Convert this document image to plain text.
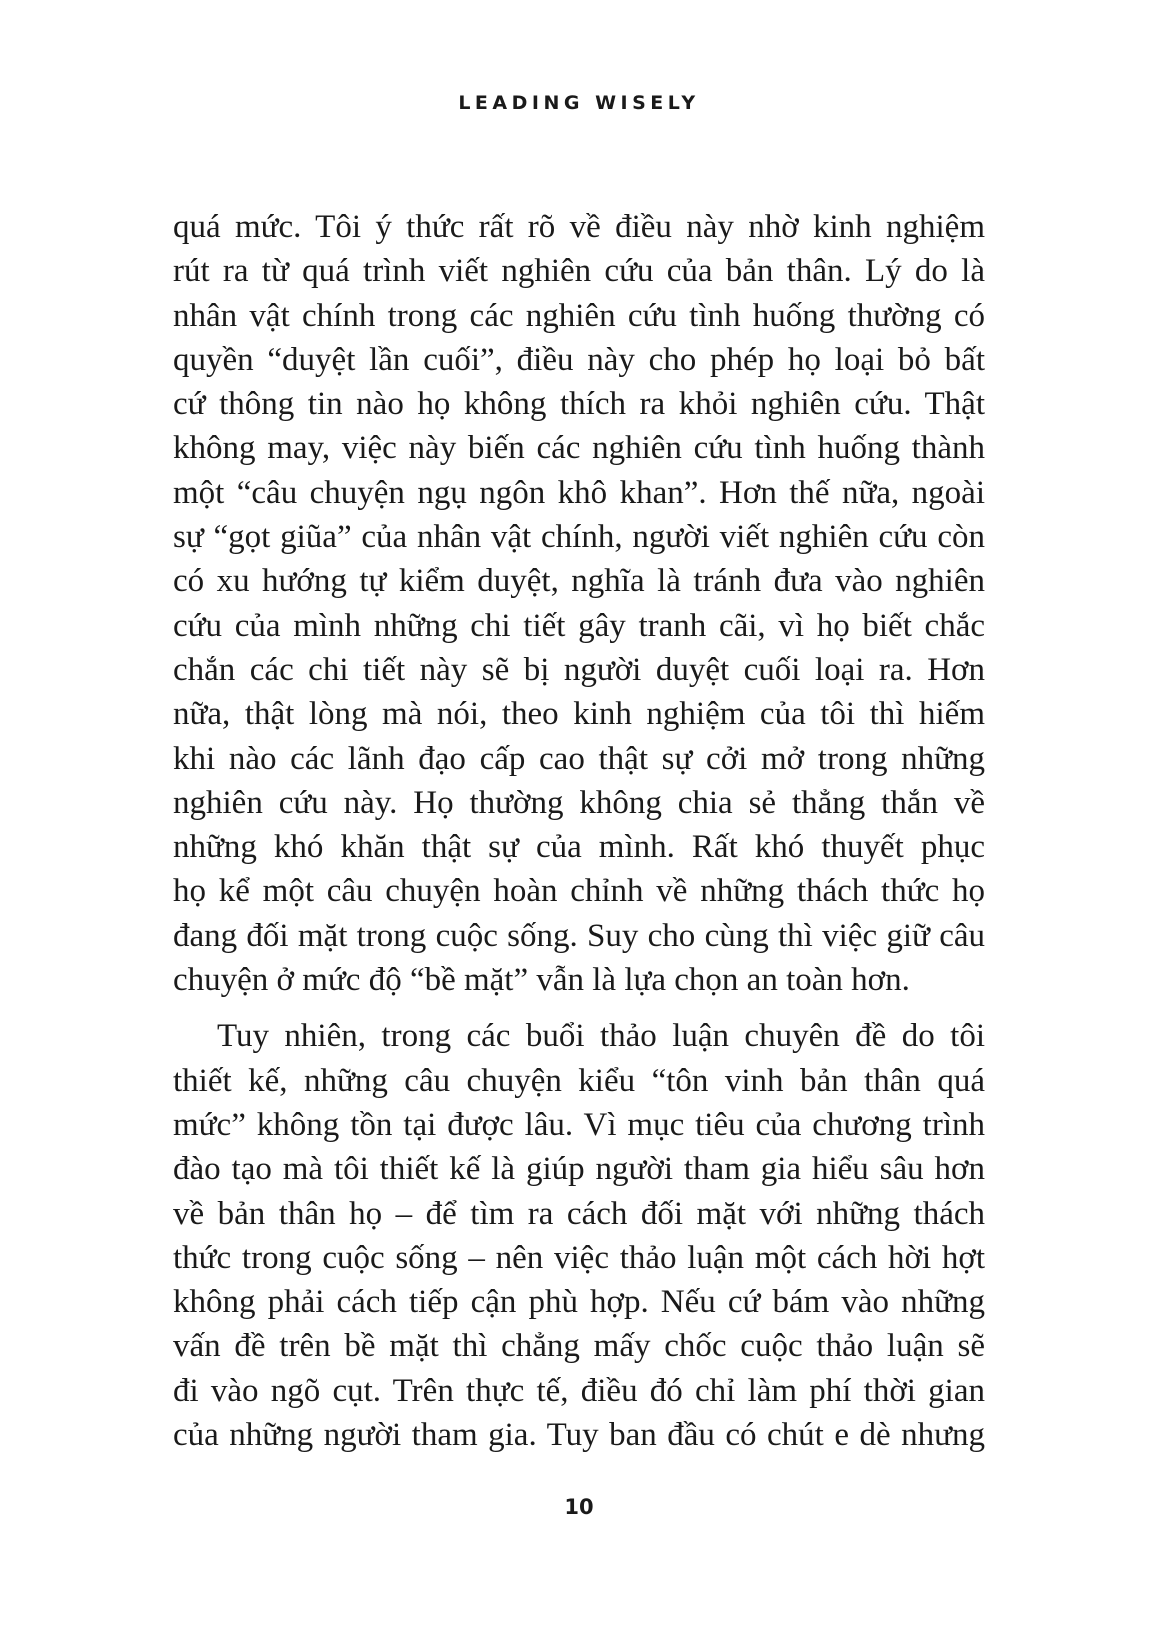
LEADING WISELY

quá mức. Tôi ý thức rất rõ về điều này nhờ kinh nghiệm
rút ra từ quá trình viết nghiên cứu của bản thân. Lý do là
nhân vật chính trong các nghiên cứu tình huống thường có
quyền “duyệt lần cuối”, điều này cho phép họ loại bỏ bất
cứ thông tin nào họ không thích ra khỏi nghiên cứu. Thật
không may, việc này biến các nghiên cứu tình huống thành
một “câu chuyện ngụ ngôn khô khan”. Hơn thế nữa, ngoài
sự “gọt giũa” của nhân vật chính, người viết nghiên cứu còn
có xu hướng tự kiểm duyệt, nghĩa là tránh đưa vào nghiên
cứu của mình những chi tiết gây tranh cãi, vì họ biết chắc
chắn các chi tiết này sẽ bị người duyệt cuối loại ra. Hơn
nữa, thật lòng mà nói, theo kinh nghiệm của tôi thì hiếm
khi nào các lãnh đạo cấp cao thật sự cởi mở trong những
nghiên cứu này. Họ thường không chia sẻ thẳng thắn về
những khó khăn thật sự của mình. Rất khó thuyết phục
họ kể một câu chuyện hoàn chỉnh về những thách thức họ
đang đối mặt trong cuộc sống. Suy cho cùng thì việc giữ câu
chuyện ở mức độ “bề mặt” vẫn là lựa chọn an toàn hơn.

Tuy nhiên, trong các buổi thảo luận chuyên đề do tôi
thiết kế, những câu chuyện kiểu “tôn vinh bản thân quá
mức” không tồn tại được lâu. Vì mục tiêu của chương trình
đào tạo mà tôi thiết kế là giúp người tham gia hiểu sâu hơn
về bản thân họ – để tìm ra cách đối mặt với những thách
thức trong cuộc sống – nên việc thảo luận một cách hời hợt
không phải cách tiếp cận phù hợp. Nếu cứ bám vào những
vấn đề trên bề mặt thì chẳng mấy chốc cuộc thảo luận sẽ
đi vào ngõ cụt. Trên thực tế, điều đó chỉ làm phí thời gian
của những người tham gia. Tuy ban đầu có chút e dè nhưng

10
